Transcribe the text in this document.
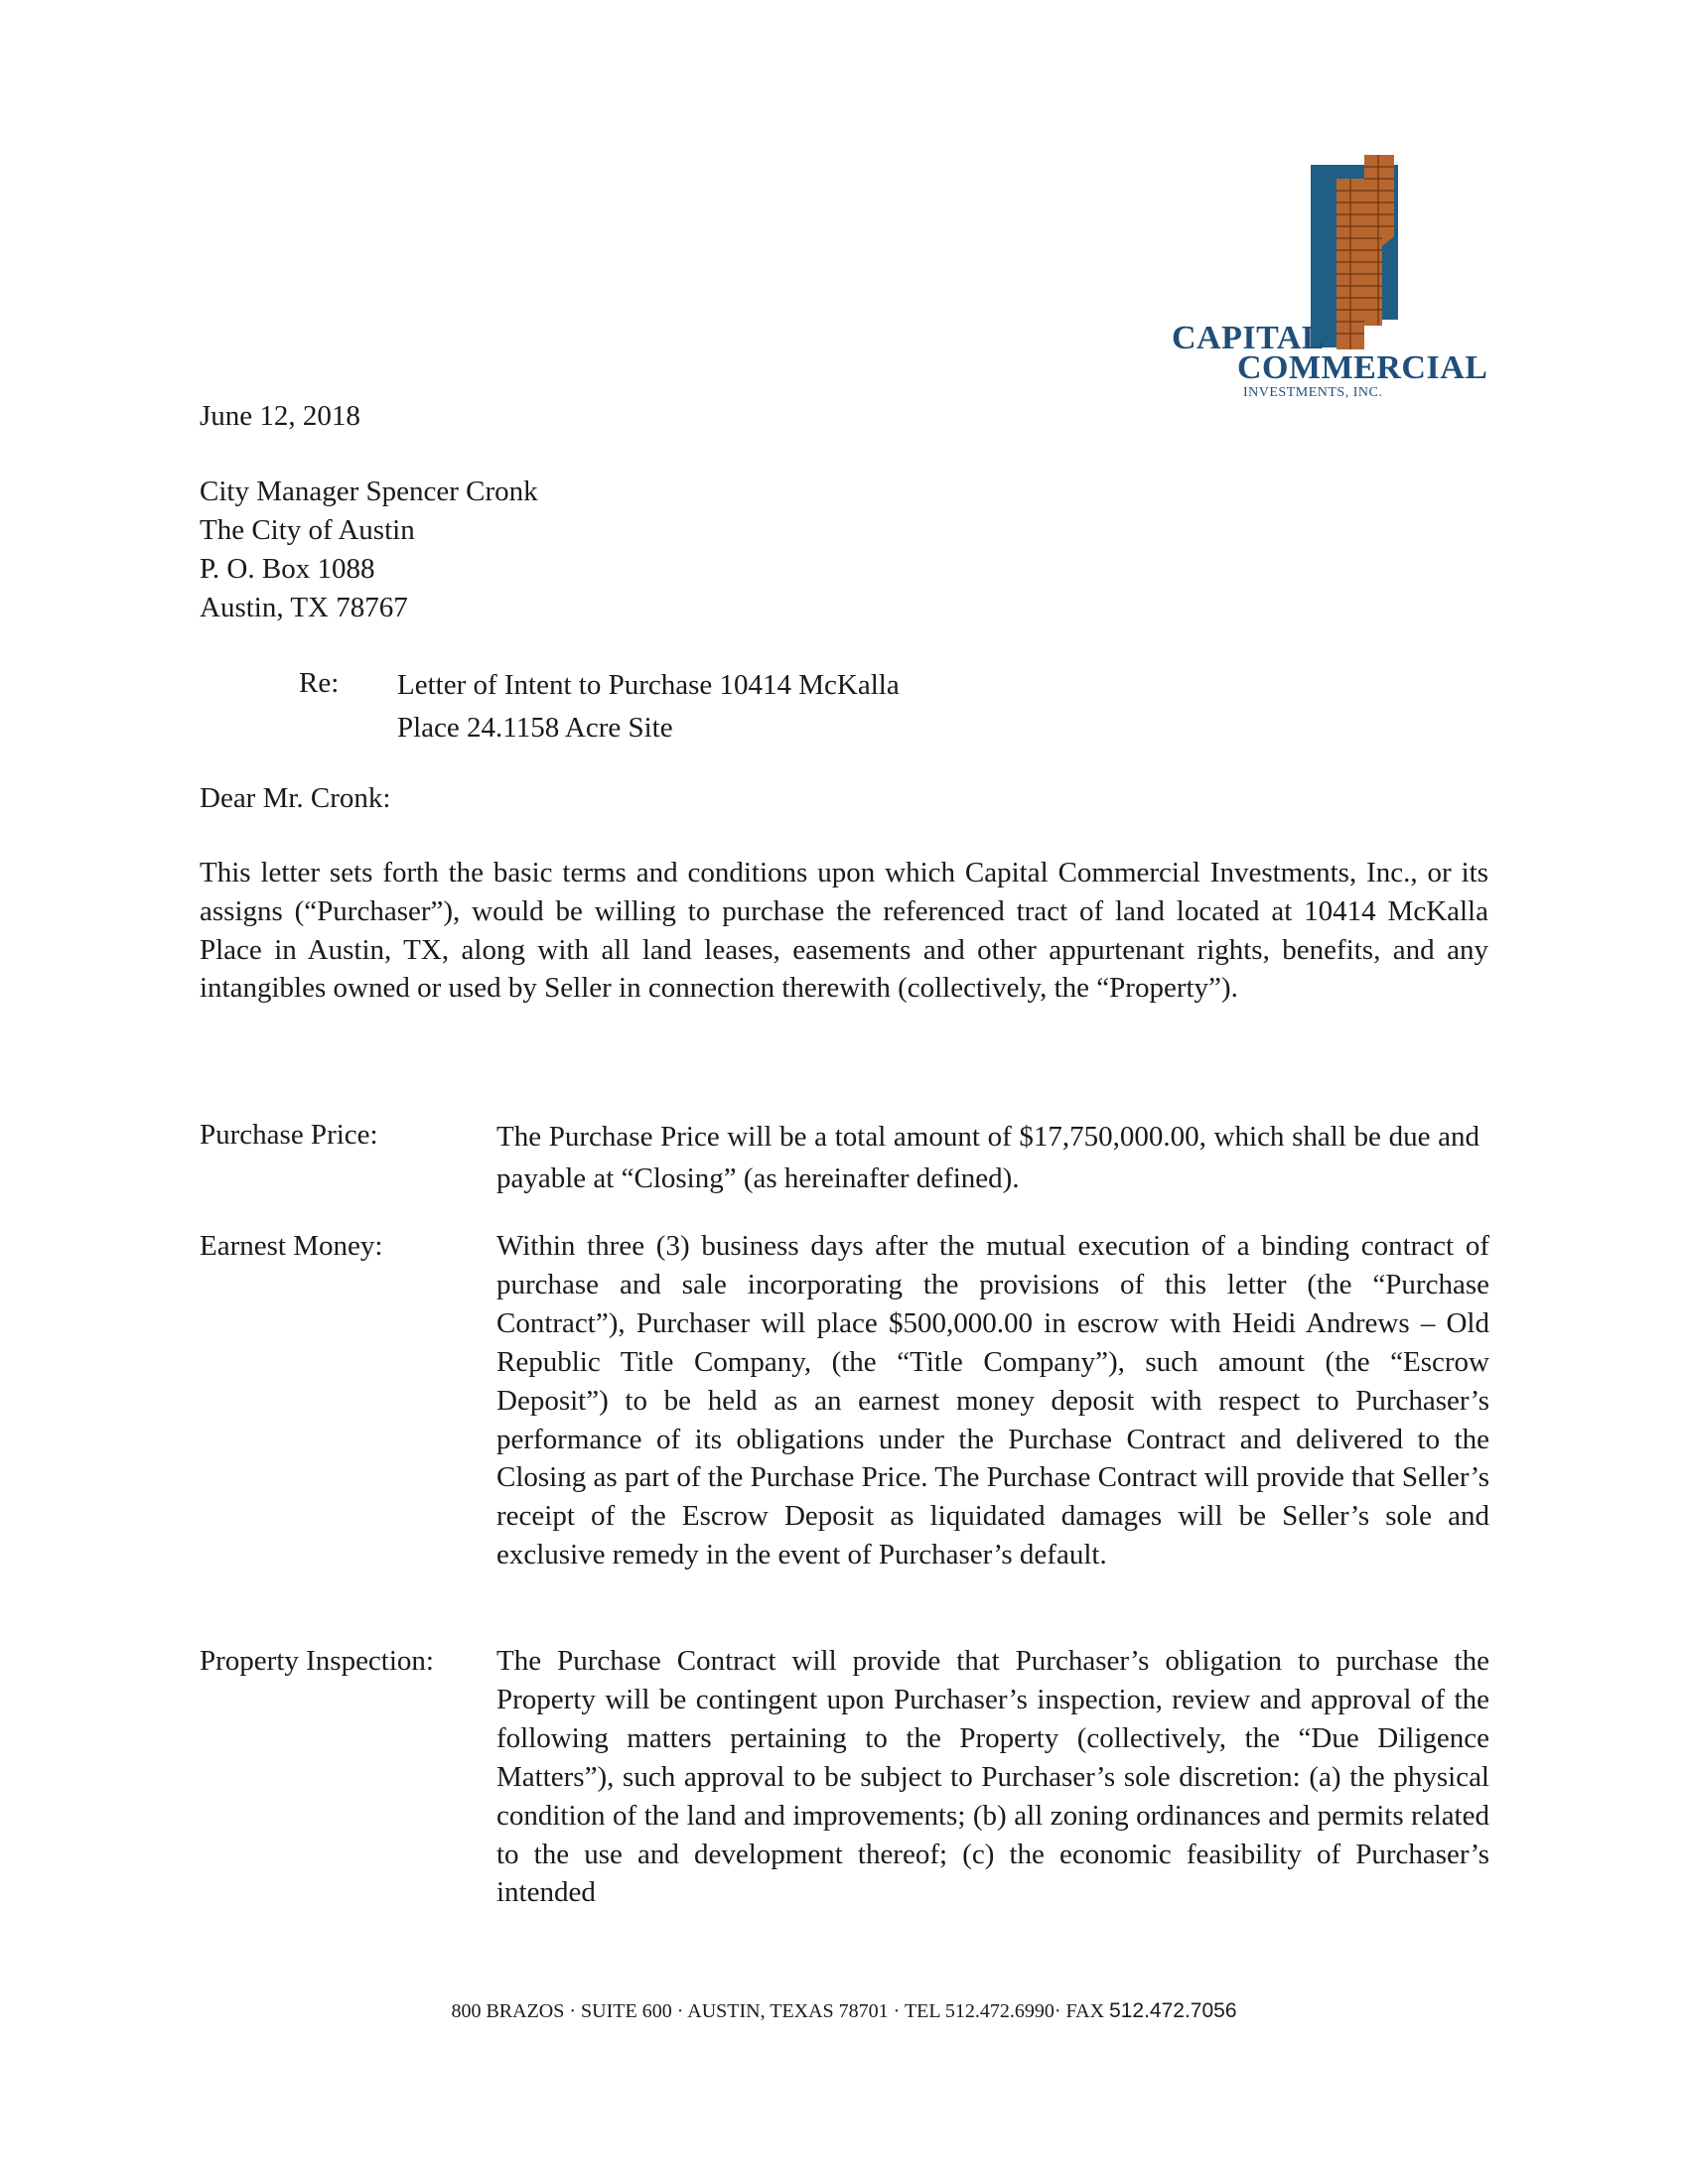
CAPITAL
COMMERCIAL
INVESTMENTS, INC.
June 12, 2018
City Manager Spencer Cronk
The City of Austin
P. O. Box 1088
Austin, TX 78767
Re: Letter of Intent to Purchase 10414 McKalla
Place 24.1158 Acre Site
Dear Mr. Cronk:
This letter sets forth the basic terms and conditions upon which Capital Commercial Investments, Inc., or its assigns (“Purchaser”), would be willing to purchase the referenced tract of land located at 10414 McKalla Place in Austin, TX, along with all land leases, easements and other appurtenant rights, benefits, and any intangibles owned or used by Seller in connection therewith (collectively, the “Property”).
Purchase Price:	The Purchase Price will be a total amount of $17,750,000.00, which shall be due and payable at “Closing” (as hereinafter defined).
Earnest Money:	Within three (3) business days after the mutual execution of a binding contract of purchase and sale incorporating the provisions of this letter (the “Purchase Contract”), Purchaser will place $500,000.00 in escrow with Heidi Andrews – Old Republic Title Company, (the “Title Company”), such amount (the “Escrow Deposit”) to be held as an earnest money deposit with respect to Purchaser’s performance of its obligations under the Purchase Contract and delivered to the Closing as part of the Purchase Price. The Purchase Contract will provide that Seller’s receipt of the Escrow Deposit as liquidated damages will be Seller’s sole and exclusive remedy in the event of Purchaser’s default.
Property Inspection: The Purchase Contract will provide that Purchaser’s obligation to purchase the Property will be contingent upon Purchaser’s inspection, review and approval of the following matters pertaining to the Property (collectively, the “Due Diligence Matters”), such approval to be subject to Purchaser’s sole discretion: (a) the physical condition of the land and improvements; (b) all zoning ordinances and permits related to the use and development thereof; (c) the economic feasibility of Purchaser’s intended
800 BRAZOS · SUITE 600 · AUSTIN, TEXAS 78701 · TEL 512.472.6990· FAX 512.472.7056
